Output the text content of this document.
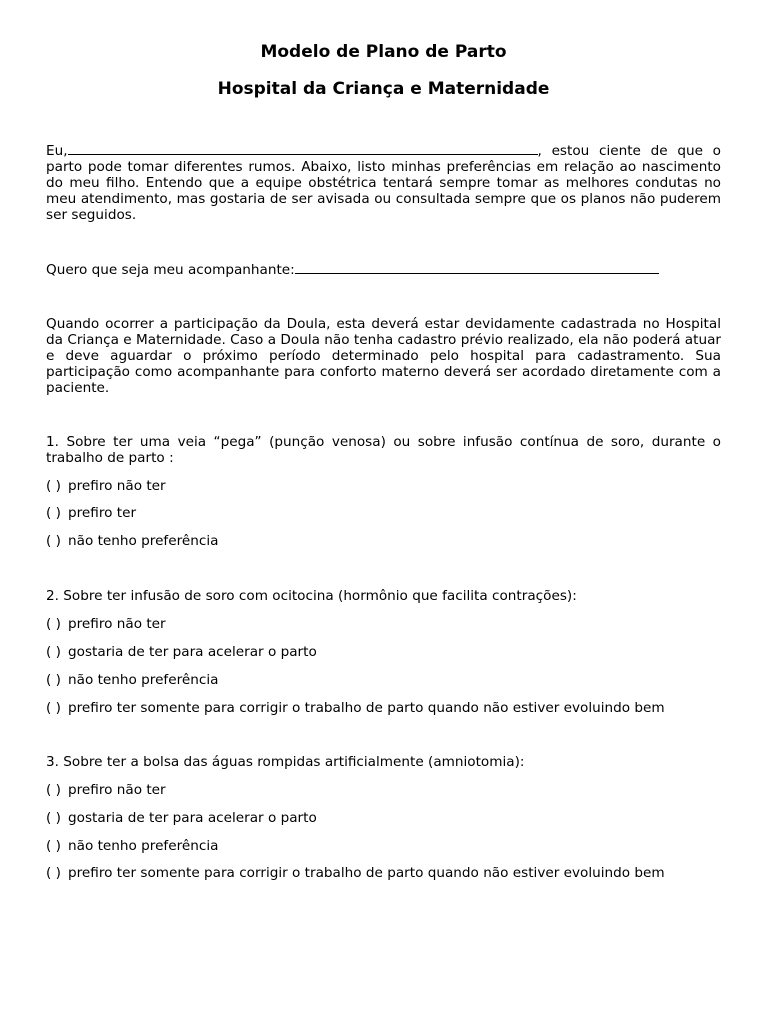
Modelo de Plano de Parto
Hospital da Criança e Maternidade
Eu,	, estou ciente de que o parto pode tomar diferentes rumos. Abaixo, listo minhas preferências em relação ao nascimento do meu filho. Entendo que a equipe obstétrica tentará sempre tomar as melhores condutas no meu atendimento, mas gostaria de ser avisada ou consultada sempre que os planos não puderem ser seguidos.
Quero que seja meu acompanhante:
Quando ocorrer a participação da Doula, esta deverá estar devidamente cadastrada no Hospital da Criança e Maternidade. Caso a Doula não tenha cadastro prévio realizado, ela não poderá atuar e deve aguardar o próximo período determinado pelo hospital para cadastramento. Sua participação como acompanhante para conforto materno deverá ser acordado diretamente com a paciente.
1. Sobre ter uma veia “pega” (punção venosa) ou sobre infusão contínua de soro, durante o trabalho de parto :
( ) prefiro não ter
( ) prefiro ter
( ) não tenho preferência
2. Sobre ter infusão de soro com ocitocina (hormônio que facilita contrações):
( ) prefiro não ter
( ) gostaria de ter para acelerar o parto
( ) não tenho preferência
( ) prefiro ter somente para corrigir o trabalho de parto quando não estiver evoluindo bem
3. Sobre ter a bolsa das águas rompidas artificialmente (amniotomia):
( ) prefiro não ter
( ) gostaria de ter para acelerar o parto
( ) não tenho preferência
( ) prefiro ter somente para corrigir o trabalho de parto quando não estiver evoluindo bem
